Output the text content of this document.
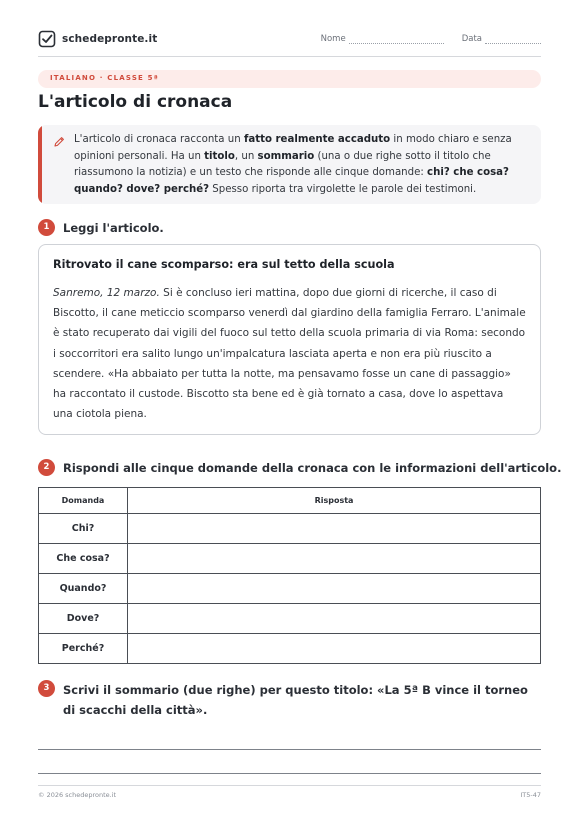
schedepronte.it	Nome	Data
ITALIANO · CLASSE 5ª
L'articolo di cronaca
L'articolo di cronaca racconta un fatto realmente accaduto in modo chiaro e senza opinioni personali. Ha un titolo, un sommario (una o due righe sotto il titolo che riassumono la notizia) e un testo che risponde alle cinque domande: chi? che cosa? quando? dove? perché? Spesso riporta tra virgolette le parole dei testimoni.
1	Leggi l'articolo.
Ritrovato il cane scomparso: era sul tetto della scuola
Sanremo, 12 marzo. Si è concluso ieri mattina, dopo due giorni di ricerche, il caso di Biscotto, il cane meticcio scomparso venerdì dal giardino della famiglia Ferraro. L'animale è stato recuperato dai vigili del fuoco sul tetto della scuola primaria di via Roma: secondo i soccorritori era salito lungo un'impalcatura lasciata aperta e non era più riuscito a scendere. «Ha abbaiato per tutta la notte, ma pensavamo fosse un cane di passaggio» ha raccontato il custode. Biscotto sta bene ed è già tornato a casa, dove lo aspettava una ciotola piena.
2	Rispondi alle cinque domande della cronaca con le informazioni dell'articolo.
Domanda	Risposta
Chi?	
Che cosa?	
Quando?	
Dove?	
Perché?	
3	Scrivi il sommario (due righe) per questo titolo: «La 5ª B vince il torneo di scacchi della città».
© 2026 schedepronte.it	IT5-47
